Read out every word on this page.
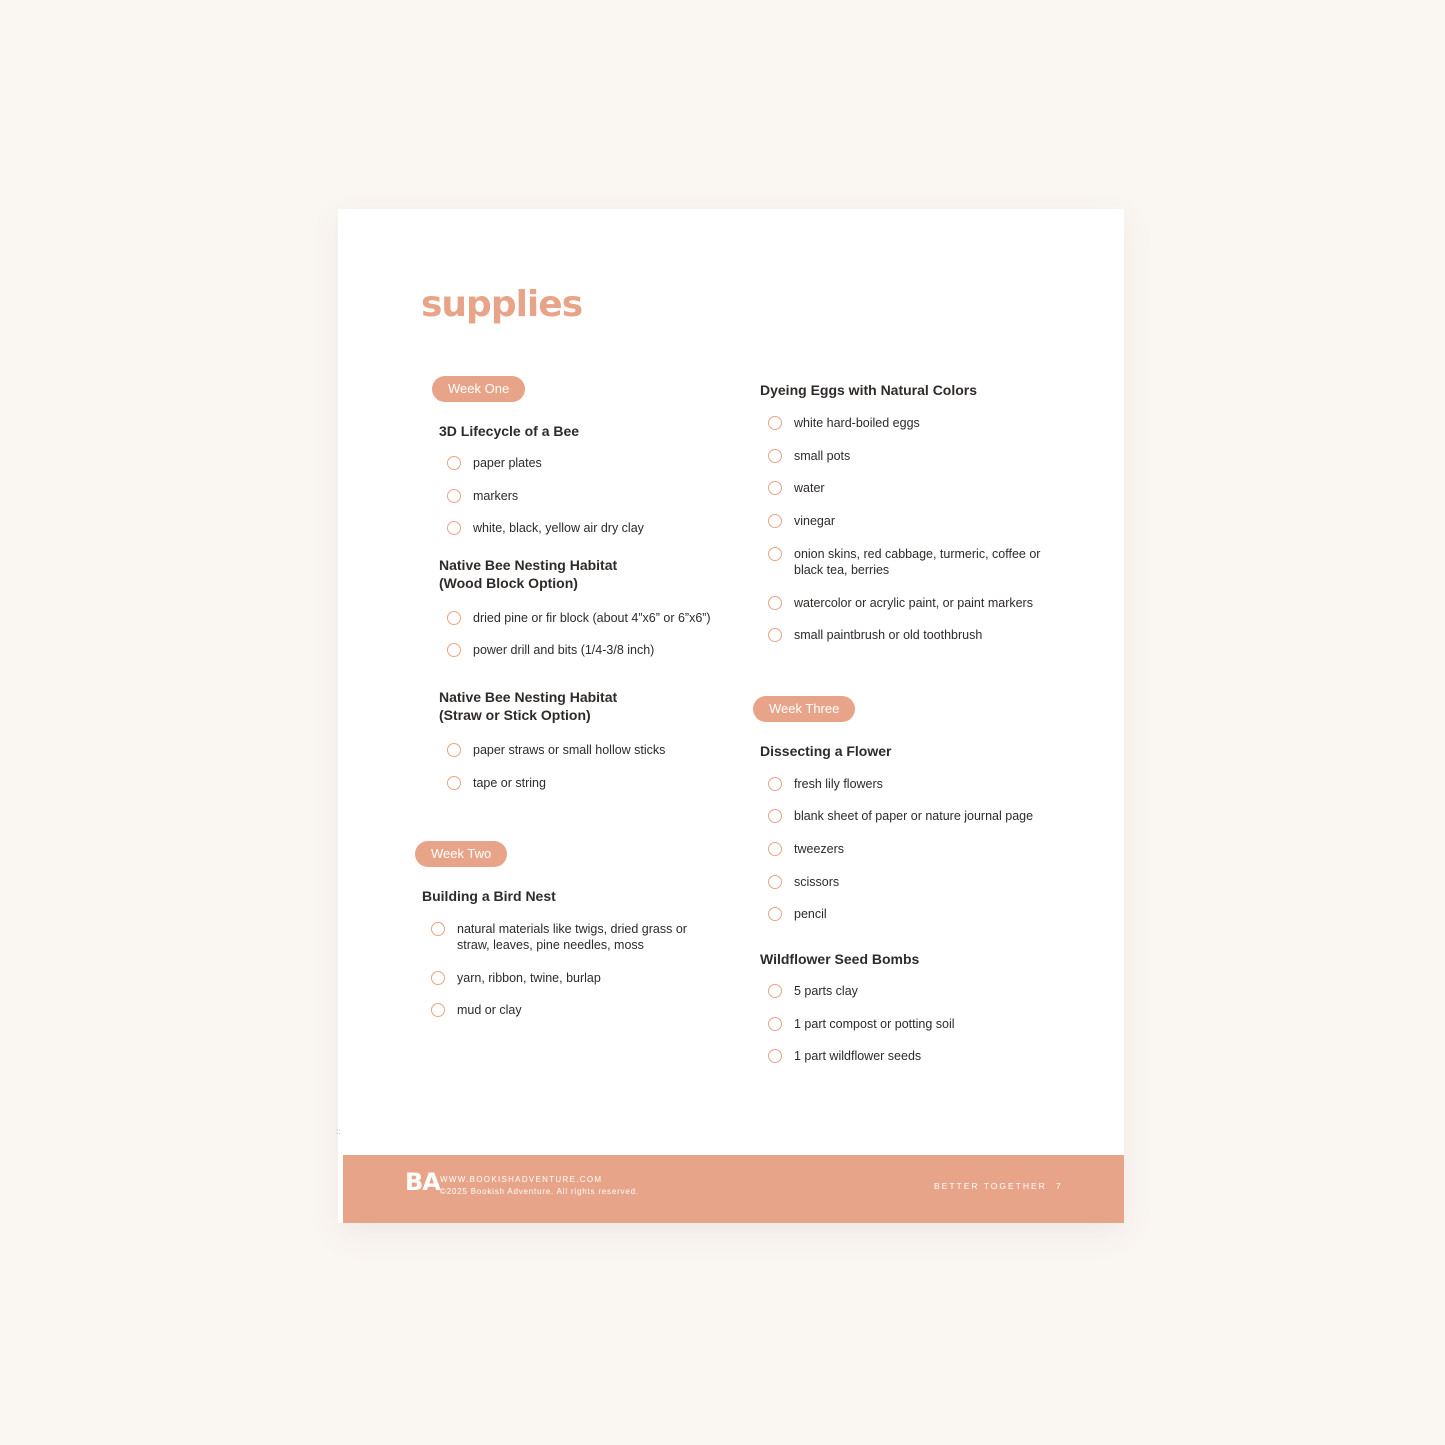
supplies
Week One
3D Lifecycle of a Bee
paper plates
markers
white, black, yellow air dry clay
Native Bee Nesting Habitat
(Wood Block Option)
dried pine or fir block (about 4”x6” or 6”x6”)
power drill and bits (1/4-3/8 inch)
Native Bee Nesting Habitat
(Straw or Stick Option)
paper straws or small hollow sticks
tape or string
Week Two
Building a Bird Nest
natural materials like twigs, dried grass or straw, leaves, pine needles, moss
yarn, ribbon, twine, burlap
mud or clay
Dyeing Eggs with Natural Colors
white hard-boiled eggs
small pots
water
vinegar
onion skins, red cabbage, turmeric, coffee or black tea, berries
watercolor or acrylic paint, or paint markers
small paintbrush or old toothbrush
Week Three
Dissecting a Flower
fresh lily flowers
blank sheet of paper or nature journal page
tweezers
scissors
pencil
Wildflower Seed Bombs
5 parts clay
1 part compost or potting soil
1 part wildflower seeds
::
BA WWW.BOOKISHADVENTURE.COM
©2025 Bookish Adventure. All rights reserved.
BETTER TOGETHER 7
